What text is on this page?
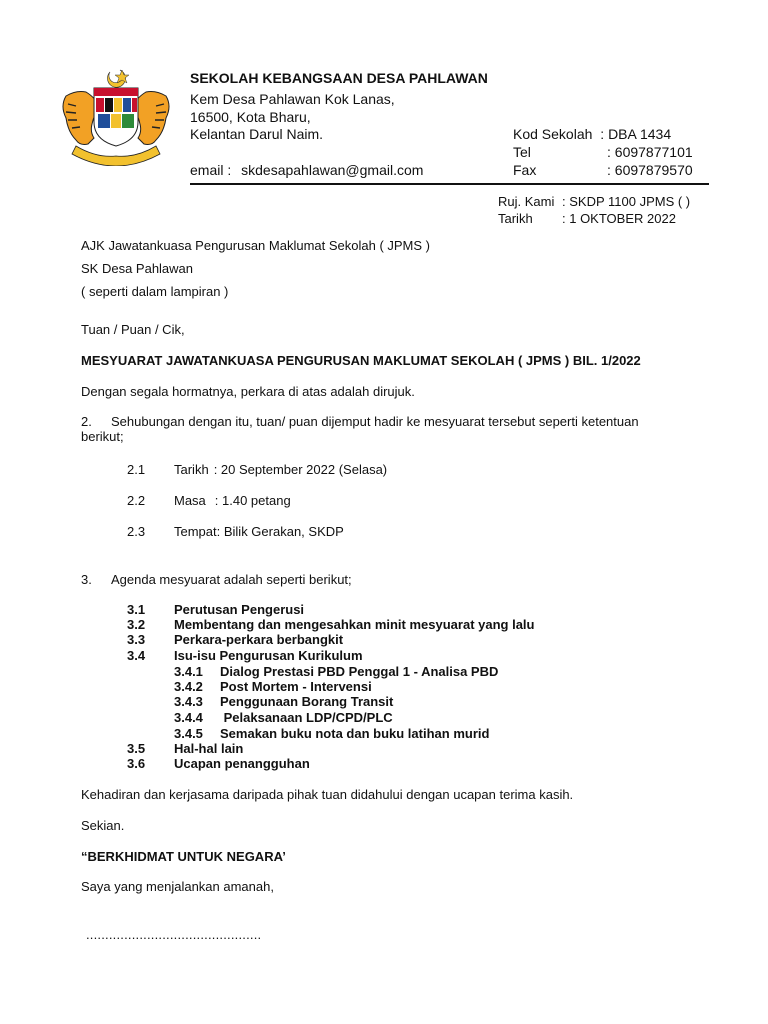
SEKOLAH KEBANGSAAN DESA PAHLAWAN
Kem Desa Pahlawan Kok Lanas,
16500, Kota Bharu,
Kelantan Darul Naim.
email : skdesapahlawan@gmail.com
Kod Sekolah : DBA 1434
Tel	: 6097877101
Fax	: 6097879570
Ruj. Kami : SKDP 1100 JPMS ( )
Tarikh : 1 OKTOBER 2022
AJK Jawatankuasa Pengurusan Maklumat Sekolah ( JPMS )
SK Desa Pahlawan
( seperti dalam lampiran )
Tuan / Puan / Cik,
MESYUARAT JAWATANKUASA PENGURUSAN MAKLUMAT SEKOLAH ( JPMS ) BIL. 1/2022
Dengan segala hormatnya, perkara di atas adalah dirujuk.
2. Sehubungan dengan itu, tuan/ puan dijemput hadir ke mesyuarat tersebut seperti ketentuan
berikut;
2.1 Tarikh : 20 September 2022 (Selasa)
2.2 Masa : 1.40 petang
2.3 Tempat: Bilik Gerakan, SKDP
3. Agenda mesyuarat adalah seperti berikut;
3.1 Perutusan Pengerusi
3.2 Membentang dan mengesahkan minit mesyuarat yang lalu
3.3 Perkara-perkara berbangkit
3.4 Isu-isu Pengurusan Kurikulum
3.4.1 Dialog Prestasi PBD Penggal 1 - Analisa PBD
3.4.2 Post Mortem - Intervensi
3.4.3 Penggunaan Borang Transit
3.4.4 Pelaksanaan LDP/CPD/PLC
3.4.5 Semakan buku nota dan buku latihan murid
3.5 Hal-hal lain
3.6 Ucapan penangguhan
Kehadiran dan kerjasama daripada pihak tuan didahului dengan ucapan terima kasih.
Sekian.
“BERKHIDMAT UNTUK NEGARA’
Saya yang menjalankan amanah,
..............................................
